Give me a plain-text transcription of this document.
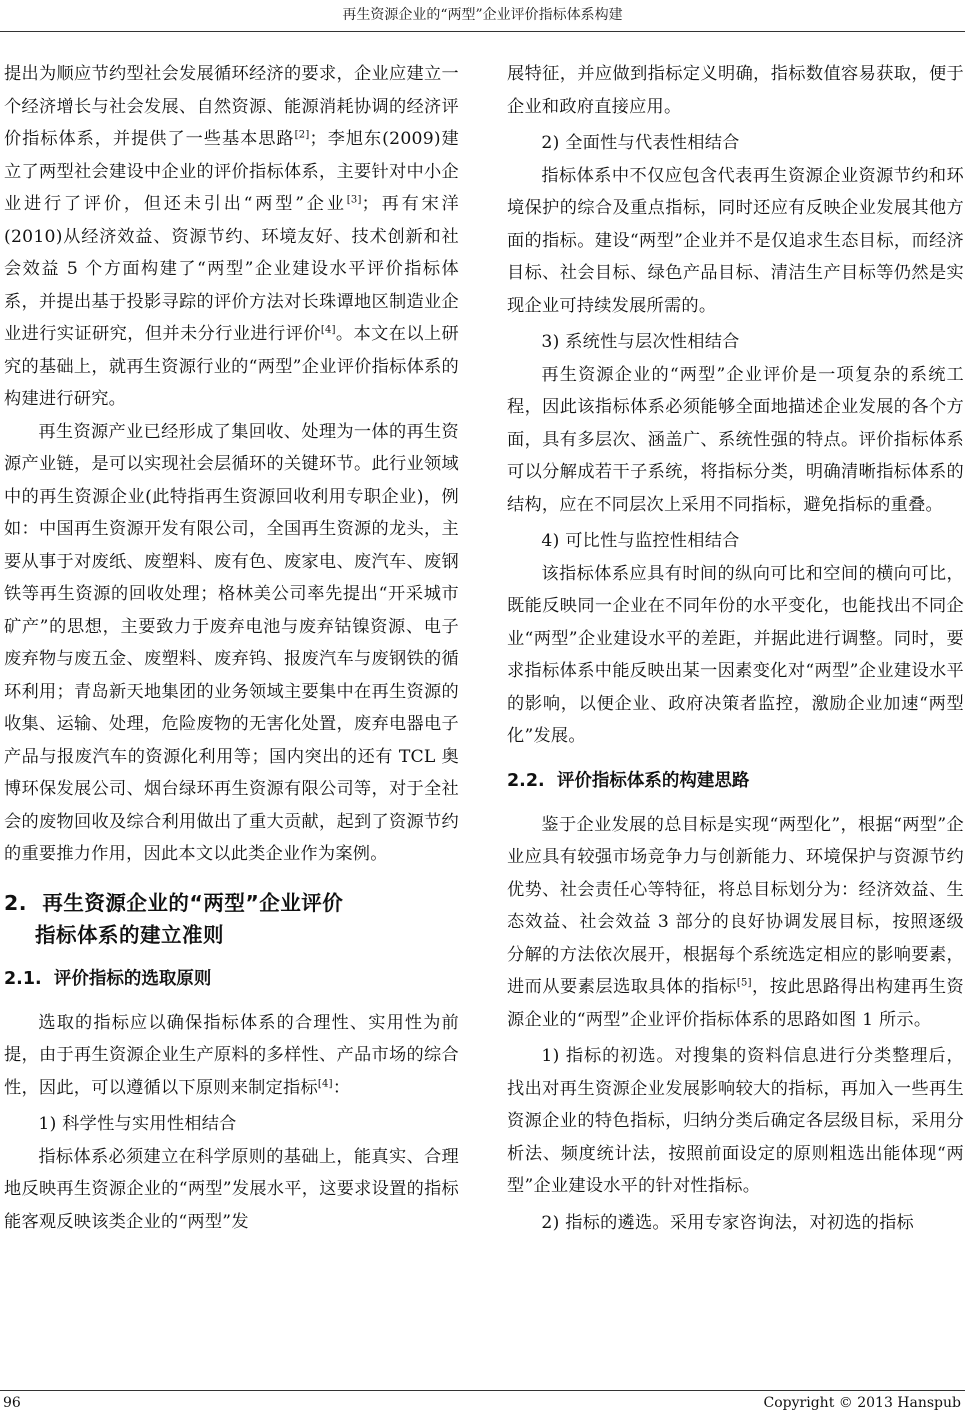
再生资源企业的“两型”企业评价指标体系构建

提出为顺应节约型社会发展循环经济的要求，企业应建立一个经济增长与社会发展、自然资源、能源消耗协调的经济评价指标体系，并提供了一些基本思路[2]；李旭东(2009)建立了两型社会建设中企业的评价指标体系，主要针对中小企业进行了评价，但还未引出“两型”企业[3]；再有宋洋(2010)从经济效益、资源节约、环境友好、技术创新和社会效益 5 个方面构建了“两型”企业建设水平评价指标体系，并提出基于投影寻踪的评价方法对长珠谭地区制造业企业进行实证研究，但并未分行业进行评价[4]。本文在以上研究的基础上，就再生资源行业的“两型”企业评价指标体系的构建进行研究。

再生资源产业已经形成了集回收、处理为一体的再生资源产业链，是可以实现社会层循环的关键环节。此行业领域中的再生资源企业(此特指再生资源回收利用专职企业)，例如：中国再生资源开发有限公司，全国再生资源的龙头，主要从事于对废纸、废塑料、废有色、废家电、废汽车、废钢铁等再生资源的回收处理；格林美公司率先提出“开采城市矿产”的思想，主要致力于废弃电池与废弃钴镍资源、电子废弃物与废五金、废塑料、废弃钨、报废汽车与废钢铁的循环利用；青岛新天地集团的业务领域主要集中在再生资源的收集、运输、处理，危险废物的无害化处置，废弃电器电子产品与报废汽车的资源化利用等；国内突出的还有 TCL 奥博环保发展公司、烟台绿环再生资源有限公司等，对于全社会的废物回收及综合利用做出了重大贡献，起到了资源节约的重要推力作用，因此本文以此类企业作为案例。

2. 再生资源企业的“两型”企业评价
指标体系的建立准则
2.1. 评价指标的选取原则

选取的指标应以确保指标体系的合理性、实用性为前提，由于再生资源企业生产原料的多样性、产品市场的综合性，因此，可以遵循以下原则来制定指标[4]：

1) 科学性与实用性相结合

指标体系必须建立在科学原则的基础上，能真实、合理地反映再生资源企业的“两型”发展水平，这要求设置的指标能客观反映该类企业的“两型”发

展特征，并应做到指标定义明确，指标数值容易获取，便于企业和政府直接应用。

2) 全面性与代表性相结合

指标体系中不仅应包含代表再生资源企业资源节约和环境保护的综合及重点指标，同时还应有反映企业发展其他方面的指标。建设“两型”企业并不是仅追求生态目标，而经济目标、社会目标、绿色产品目标、清洁生产目标等仍然是实现企业可持续发展所需的。

3) 系统性与层次性相结合

再生资源企业的“两型”企业评价是一项复杂的系统工程，因此该指标体系必须能够全面地描述企业发展的各个方面，具有多层次、涵盖广、系统性强的特点。评价指标体系可以分解成若干子系统，将指标分类，明确清晰指标体系的结构，应在不同层次上采用不同指标，避免指标的重叠。

4) 可比性与监控性相结合

该指标体系应具有时间的纵向可比和空间的横向可比，既能反映同一企业在不同年份的水平变化，也能找出不同企业“两型”企业建设水平的差距，并据此进行调整。同时，要求指标体系中能反映出某一因素变化对“两型”企业建设水平的影响，以便企业、政府决策者监控，激励企业加速“两型化”发展。

2.2. 评价指标体系的构建思路

鉴于企业发展的总目标是实现“两型化”，根据“两型”企业应具有较强市场竞争力与创新能力、环境保护与资源节约优势、社会责任心等特征，将总目标划分为：经济效益、生态效益、社会效益 3 部分的良好协调发展目标，按照逐级分解的方法依次展开，根据每个系统选定相应的影响要素，进而从要素层选取具体的指标[5]，按此思路得出构建再生资源企业的“两型”企业评价指标体系的思路如图 1 所示。

1) 指标的初选。对搜集的资料信息进行分类整理后，找出对再生资源企业发展影响较大的指标，再加入一些再生资源企业的特色指标，归纳分类后确定各层级目标，采用分析法、频度统计法，按照前面设定的原则粗选出能体现“两型”企业建设水平的针对性指标。

2) 指标的遴选。采用专家咨询法，对初选的指标

96	Copyright © 2013 Hanspub
